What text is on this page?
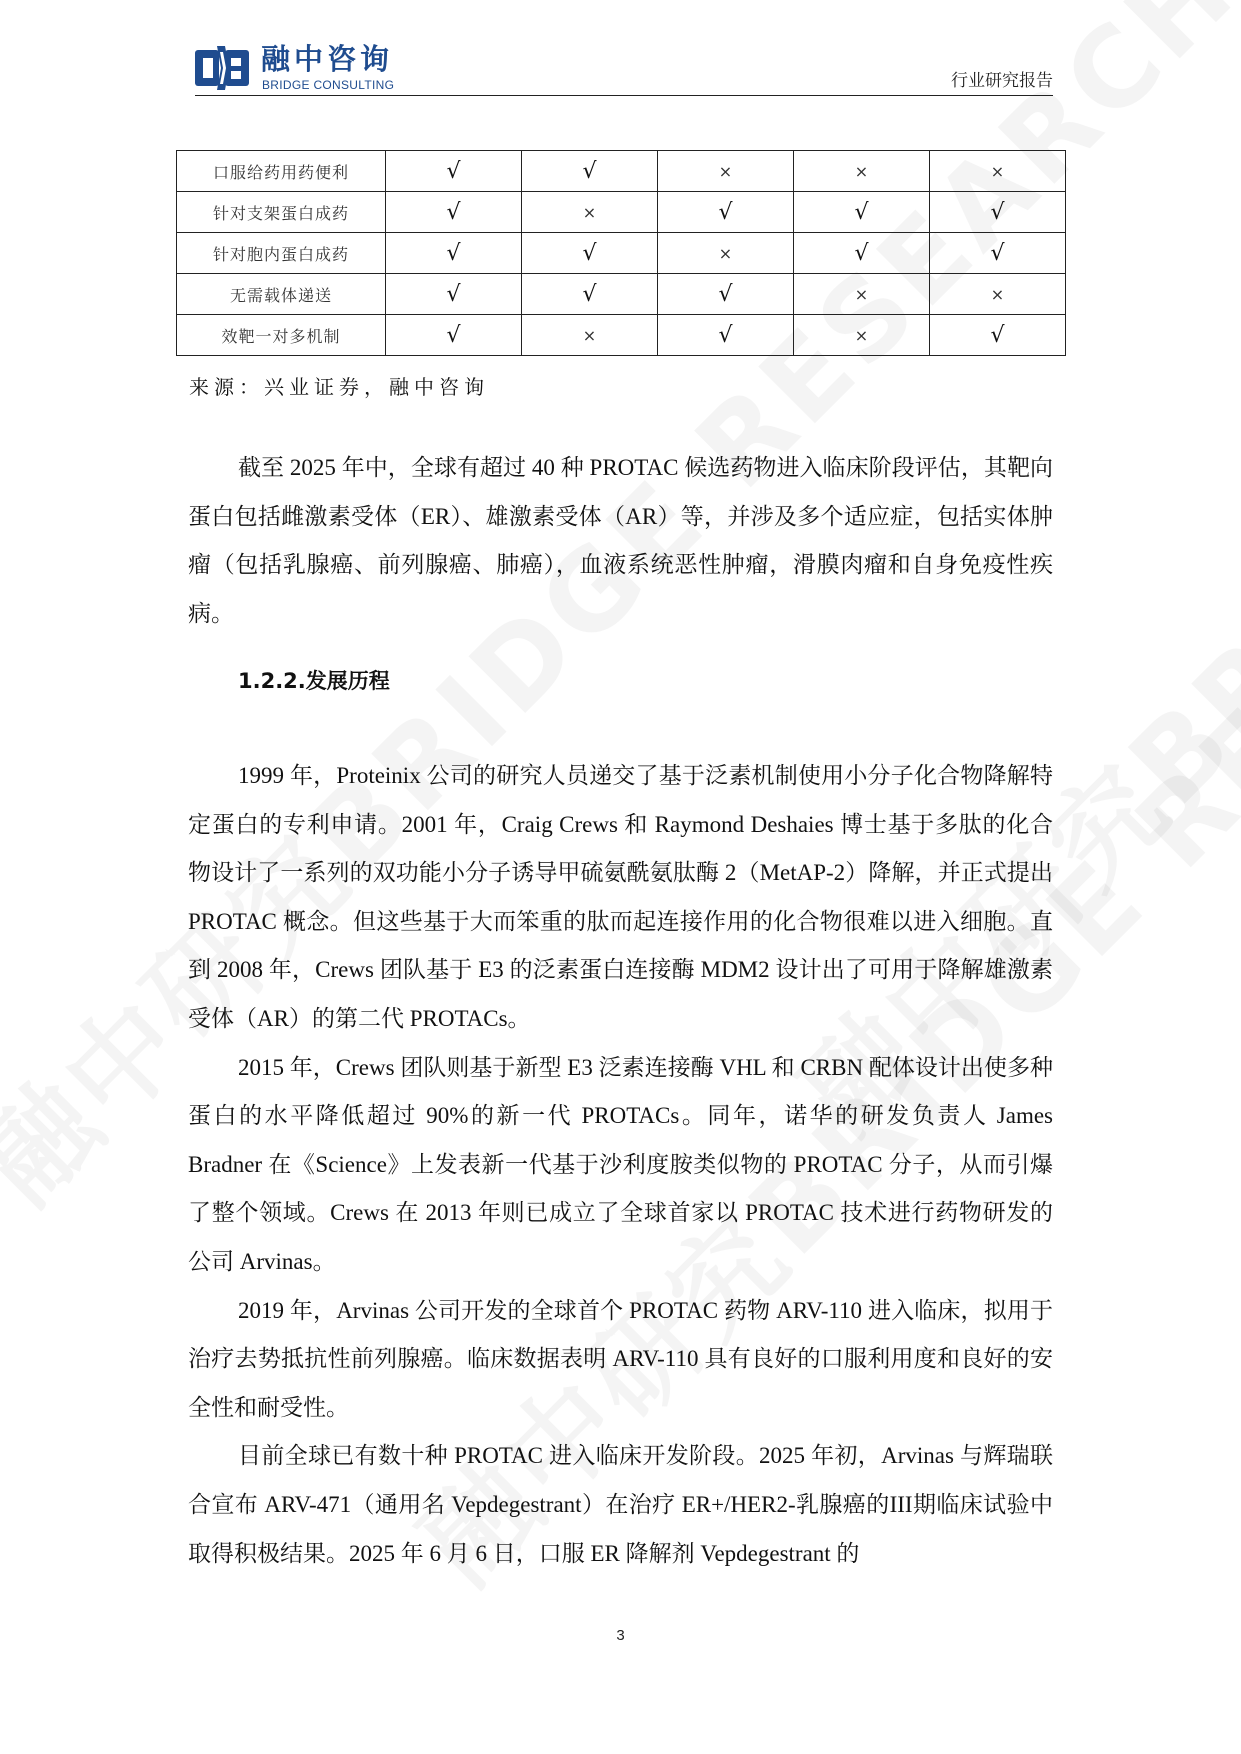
融中咨询
BRIDGE CONSULTING	行业研究报告
口服给药用药便利	√	√	×	×	×
针对支架蛋白成药	√	×	√	√	√
针对胞内蛋白成药	√	√	×	√	√
无需载体递送	√	√	√	×	×
效靶一对多机制	√	×	√	×	√
来源：兴业证券，融中咨询

截至 2025 年中，全球有超过 40 种 PROTAC 候选药物进入临床阶段评估，其靶向蛋白包括雌激素受体（ER）、雄激素受体（AR）等，并涉及多个适应症，包括实体肿瘤（包括乳腺癌、前列腺癌、肺癌），血液系统恶性肿瘤，滑膜肉瘤和自身免疫性疾病。

1.2.2.发展历程

1999 年，Proteinix 公司的研究人员递交了基于泛素机制使用小分子化合物降解特定蛋白的专利申请。2001 年，Craig Crews 和 Raymond Deshaies 博士基于多肽的化合物设计了一系列的双功能小分子诱导甲硫氨酰氨肽酶 2（MetAP-2）降解，并正式提出 PROTAC 概念。但这些基于大而笨重的肽而起连接作用的化合物很难以进入细胞。直到 2008 年，Crews 团队基于 E3 的泛素蛋白连接酶 MDM2 设计出了可用于降解雄激素受体（AR）的第二代 PROTACs。

2015 年，Crews 团队则基于新型 E3 泛素连接酶 VHL 和 CRBN 配体设计出使多种蛋白的水平降低超过 90%的新一代 PROTACs。同年，诺华的研发负责人 James Bradner 在《Science》上发表新一代基于沙利度胺类似物的 PROTAC 分子，从而引爆了整个领域。Crews 在 2013 年则已成立了全球首家以 PROTAC 技术进行药物研发的公司 Arvinas。

2019 年，Arvinas 公司开发的全球首个 PROTAC 药物 ARV-110 进入临床，拟用于治疗去势抵抗性前列腺癌。临床数据表明 ARV-110 具有良好的口服利用度和良好的安全性和耐受性。

目前全球已有数十种 PROTAC 进入临床开发阶段。2025 年初，Arvinas 与辉瑞联合宣布 ARV-471（通用名 Vepdegestrant）在治疗 ER+/HER2-乳腺癌的III期临床试验中取得积极结果。2025 年 6 月 6 日，口服 ER 降解剂 Vepdegestrant 的

3
